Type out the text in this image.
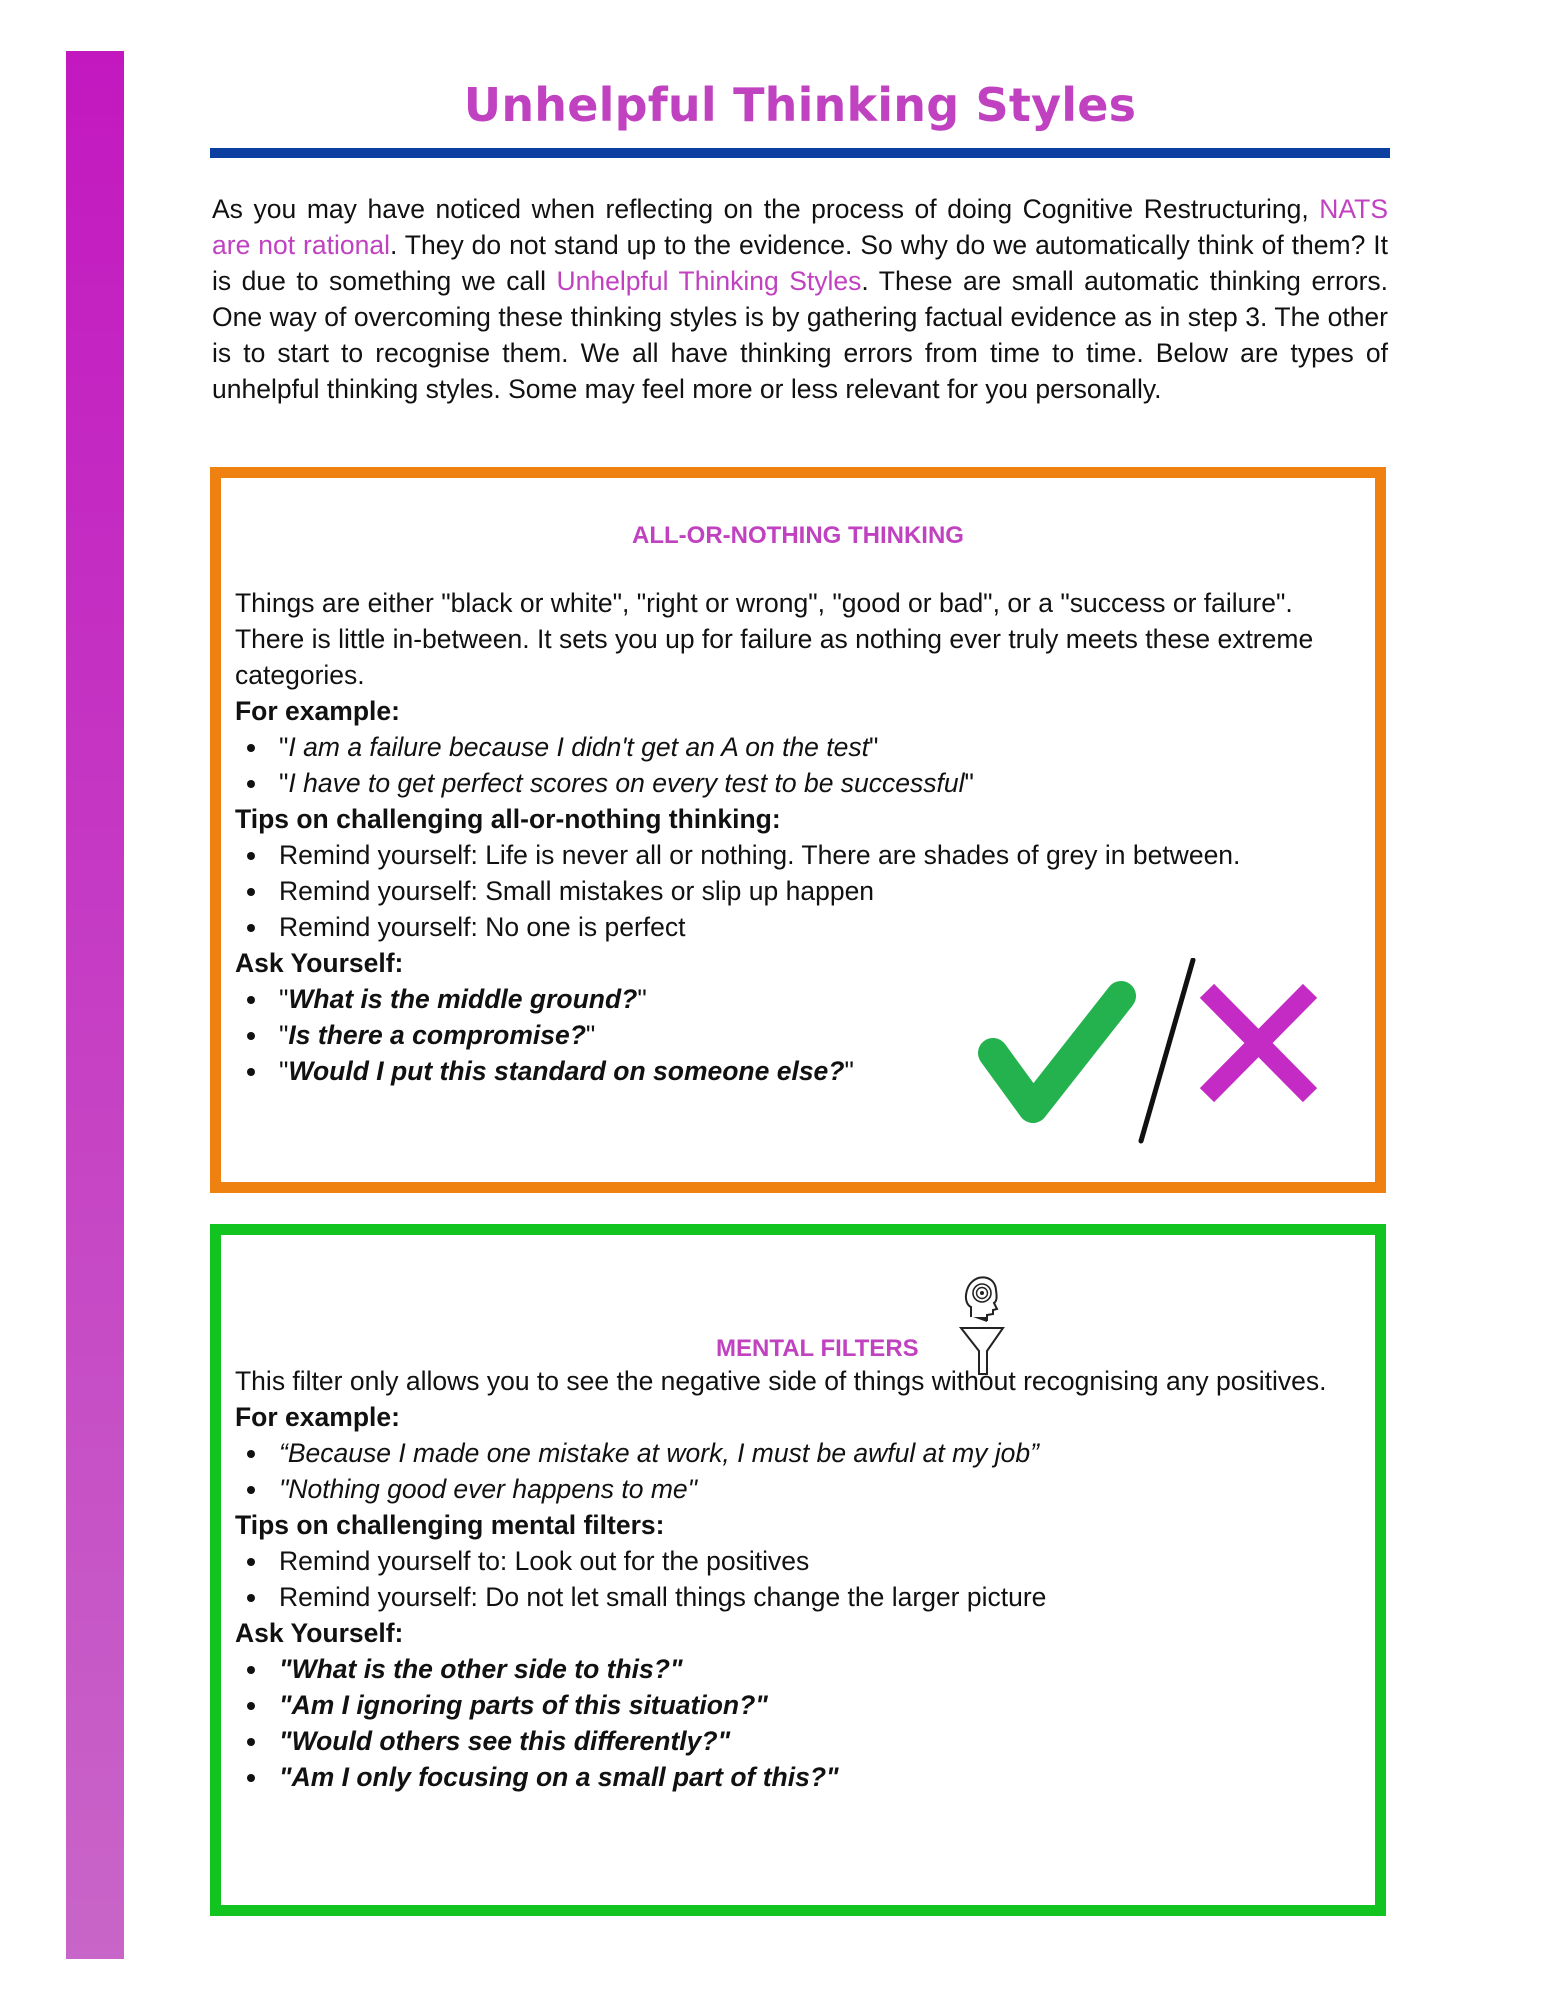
Unhelpful Thinking Styles

As you may have noticed when reflecting on the process of doing Cognitive Restructuring, NATS are not rational. They do not stand up to the evidence. So why do we automatically think of them? It is due to something we call Unhelpful Thinking Styles. These are small automatic thinking errors. One way of overcoming these thinking styles is by gathering factual evidence as in step 3. The other is to start to recognise them. We all have thinking errors from time to time. Below are types of unhelpful thinking styles. Some may feel more or less relevant for you personally.

ALL-OR-NOTHING THINKING

Things are either "black or white", "right or wrong", "good or bad", or a "success or failure". There is little in-between. It sets you up for failure as nothing ever truly meets these extreme categories.

For example:

"I am a failure because I didn't get an A on the test"
"I have to get perfect scores on every test to be successful"

Tips on challenging all-or-nothing thinking:

Remind yourself: Life is never all or nothing. There are shades of grey in between.
Remind yourself: Small mistakes or slip up happen
Remind yourself: No one is perfect

Ask Yourself:

"What is the middle ground?"
"Is there a compromise?"
"Would I put this standard on someone else?"
MENTAL FILTERS

This filter only allows you to see the negative side of things without recognising any positives.

For example:

“Because I made one mistake at work, I must be awful at my job”
"Nothing good ever happens to me"

Tips on challenging mental filters:

Remind yourself to: Look out for the positives
Remind yourself: Do not let small things change the larger picture

Ask Yourself:

"What is the other side to this?"
"Am I ignoring parts of this situation?"
"Would others see this differently?"
"Am I only focusing on a small part of this?"
